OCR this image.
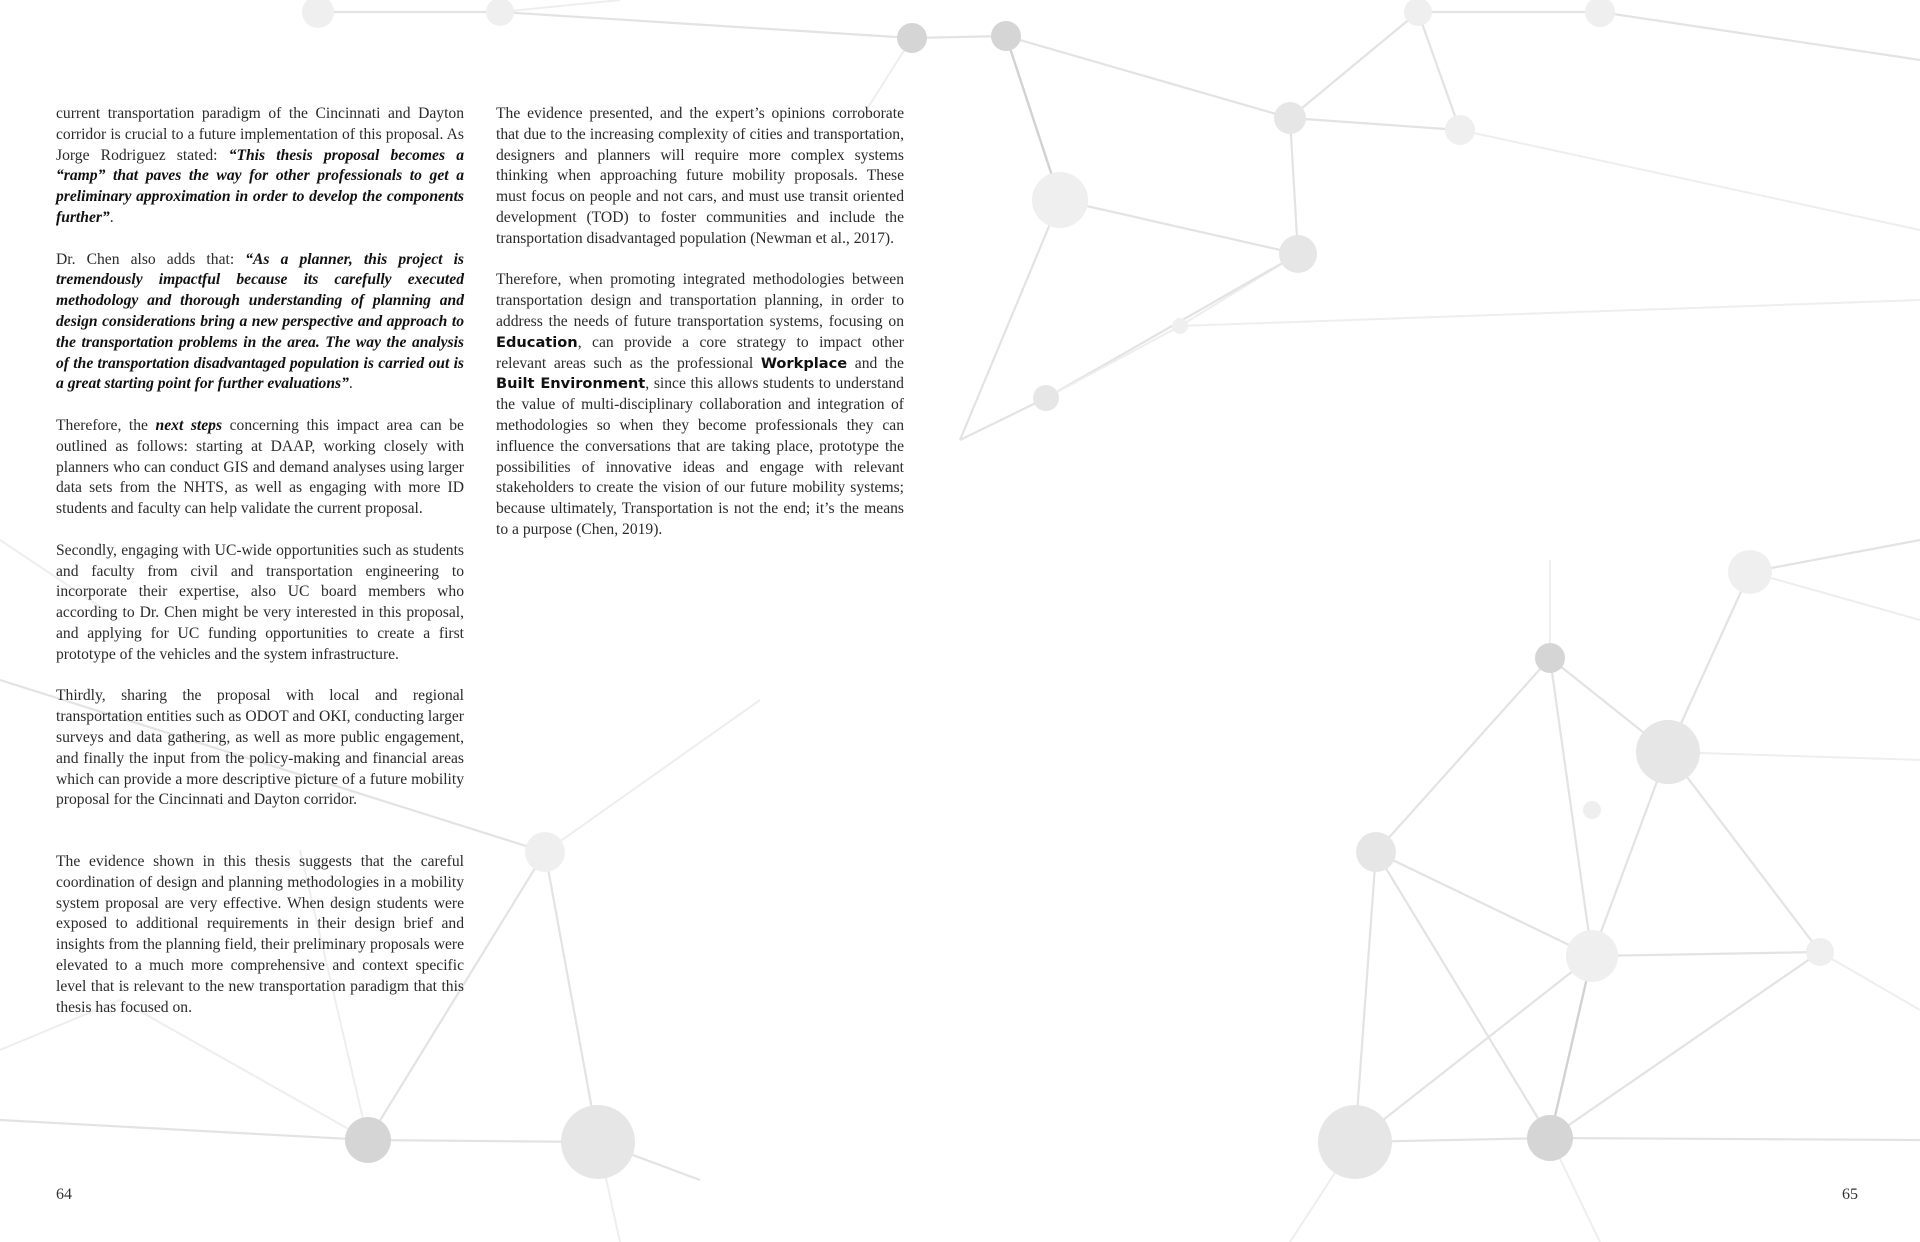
current transportation paradigm of the Cincinnati and Dayton corridor is crucial to a future implementation of this proposal. As Jorge Rodriguez stated: “This thesis proposal becomes a “ramp” that paves the way for other professionals to get a preliminary approximation in order to develop the components further”.

Dr. Chen also adds that: “As a planner, this project is tremendously impactful because its carefully executed methodology and thorough understanding of planning and design considerations bring a new perspective and approach to the transportation problems in the area. The way the analysis of the transportation disadvantaged population is carried out is a great starting point for further evaluations”.

Therefore, the next steps concerning this impact area can be outlined as follows: starting at DAAP, working closely with planners who can conduct GIS and demand analyses using larger data sets from the NHTS, as well as engaging with more ID students and faculty can help validate the current proposal.

Secondly, engaging with UC-wide opportunities such as students and faculty from civil and transportation engineering to incorporate their expertise, also UC board members who according to Dr. Chen might be very interested in this proposal, and applying for UC funding opportunities to create a first prototype of the vehicles and the system infrastructure.

Thirdly, sharing the proposal with local and regional transportation entities such as ODOT and OKI, conducting larger surveys and data gathering, as well as more public engagement, and finally the input from the policy-making and financial areas which can provide a more descriptive picture of a future mobility proposal for the Cincinnati and Dayton corridor.

The evidence shown in this thesis suggests that the careful coordination of design and planning methodologies in a mobility system proposal are very effective. When design students were exposed to additional requirements in their design brief and insights from the planning field, their preliminary proposals were elevated to a much more comprehensive and context specific level that is relevant to the new transportation paradigm that this thesis has focused on.

64

The evidence presented, and the expert’s opinions corroborate that due to the increasing complexity of cities and transportation, designers and planners will require more complex systems thinking when approaching future mobility proposals. These must focus on people and not cars, and must use transit oriented development (TOD) to foster communities and include the transportation disadvantaged population (Newman et al., 2017).

Therefore, when promoting integrated methodologies between transportation design and transportation planning, in order to address the needs of future transportation systems, focusing on Education, can provide a core strategy to impact other relevant areas such as the professional Workplace and the Built Environment, since this allows students to understand the value of multi-disciplinary collaboration and integration of methodologies so when they become professionals they can influence the conversations that are taking place, prototype the possibilities of innovative ideas and engage with relevant stakeholders to create the vision of our future mobility systems; because ultimately, Transportation is not the end; it’s the means to a purpose (Chen, 2019).

65
